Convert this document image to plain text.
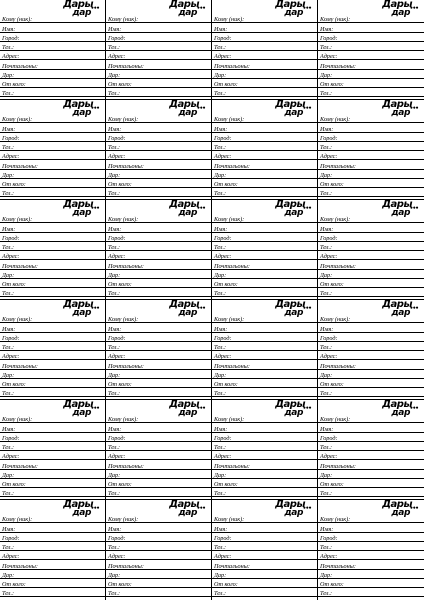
Дары
дар •••
Кому (ник):
Имя:
Город:
Тел.:
Адрес:
Почтальоны:
Дар:
От кого:
Тел.:
Дары
дар •••
Кому (ник):
Имя:
Город:
Тел.:
Адрес:
Почтальоны:
Дар:
От кого:
Тел.:
Дары
дар •••
Кому (ник):
Имя:
Город:
Тел.:
Адрес:
Почтальоны:
Дар:
От кого:
Тел.:
Дары
дар •••
Кому (ник):
Имя:
Город:
Тел.:
Адрес:
Почтальоны:
Дар:
От кого:
Тел.:
Дары
дар •••
Кому (ник):
Имя:
Город:
Тел.:
Адрес:
Почтальоны:
Дар:
От кого:
Тел.:
Дары
дар •••
Кому (ник):
Имя:
Город:
Тел.:
Адрес:
Почтальоны:
Дар:
От кого:
Тел.:
Дары
дар •••
Кому (ник):
Имя:
Город:
Тел.:
Адрес:
Почтальоны:
Дар:
От кого:
Тел.:
Дары
дар •••
Кому (ник):
Имя:
Город:
Тел.:
Адрес:
Почтальоны:
Дар:
От кого:
Тел.:
Дары
дар •••
Кому (ник):
Имя:
Город:
Тел.:
Адрес:
Почтальоны:
Дар:
От кого:
Тел.:
Дары
дар •••
Кому (ник):
Имя:
Город:
Тел.:
Адрес:
Почтальоны:
Дар:
От кого:
Тел.:
Дары
дар •••
Кому (ник):
Имя:
Город:
Тел.:
Адрес:
Почтальоны:
Дар:
От кого:
Тел.:
Дары
дар •••
Кому (ник):
Имя:
Город:
Тел.:
Адрес:
Почтальоны:
Дар:
От кого:
Тел.:
Дары
дар •••
Кому (ник):
Имя:
Город:
Тел.:
Адрес:
Почтальоны:
Дар:
От кого:
Тел.:
Дары
дар •••
Кому (ник):
Имя:
Город:
Тел.:
Адрес:
Почтальоны:
Дар:
От кого:
Тел.:
Дары
дар •••
Кому (ник):
Имя:
Город:
Тел.:
Адрес:
Почтальоны:
Дар:
От кого:
Тел.:
Дары
дар •••
Кому (ник):
Имя:
Город:
Тел.:
Адрес:
Почтальоны:
Дар:
От кого:
Тел.:
Дары
дар •••
Кому (ник):
Имя:
Город:
Тел.:
Адрес:
Почтальоны:
Дар:
От кого:
Тел.:
Дары
дар •••
Кому (ник):
Имя:
Город:
Тел.:
Адрес:
Почтальоны:
Дар:
От кого:
Тел.:
Дары
дар •••
Кому (ник):
Имя:
Город:
Тел.:
Адрес:
Почтальоны:
Дар:
От кого:
Тел.:
Дары
дар •••
Кому (ник):
Имя:
Город:
Тел.:
Адрес:
Почтальоны:
Дар:
От кого:
Тел.:
Дары
дар •••
Кому (ник):
Имя:
Город:
Тел.:
Адрес:
Почтальоны:
Дар:
От кого:
Тел.:
Дары
дар •••
Кому (ник):
Имя:
Город:
Тел.:
Адрес:
Почтальоны:
Дар:
От кого:
Тел.:
Дары
дар •••
Кому (ник):
Имя:
Город:
Тел.:
Адрес:
Почтальоны:
Дар:
От кого:
Тел.:
Дары
дар •••
Кому (ник):
Имя:
Город:
Тел.:
Адрес:
Почтальоны:
Дар:
От кого:
Тел.:
